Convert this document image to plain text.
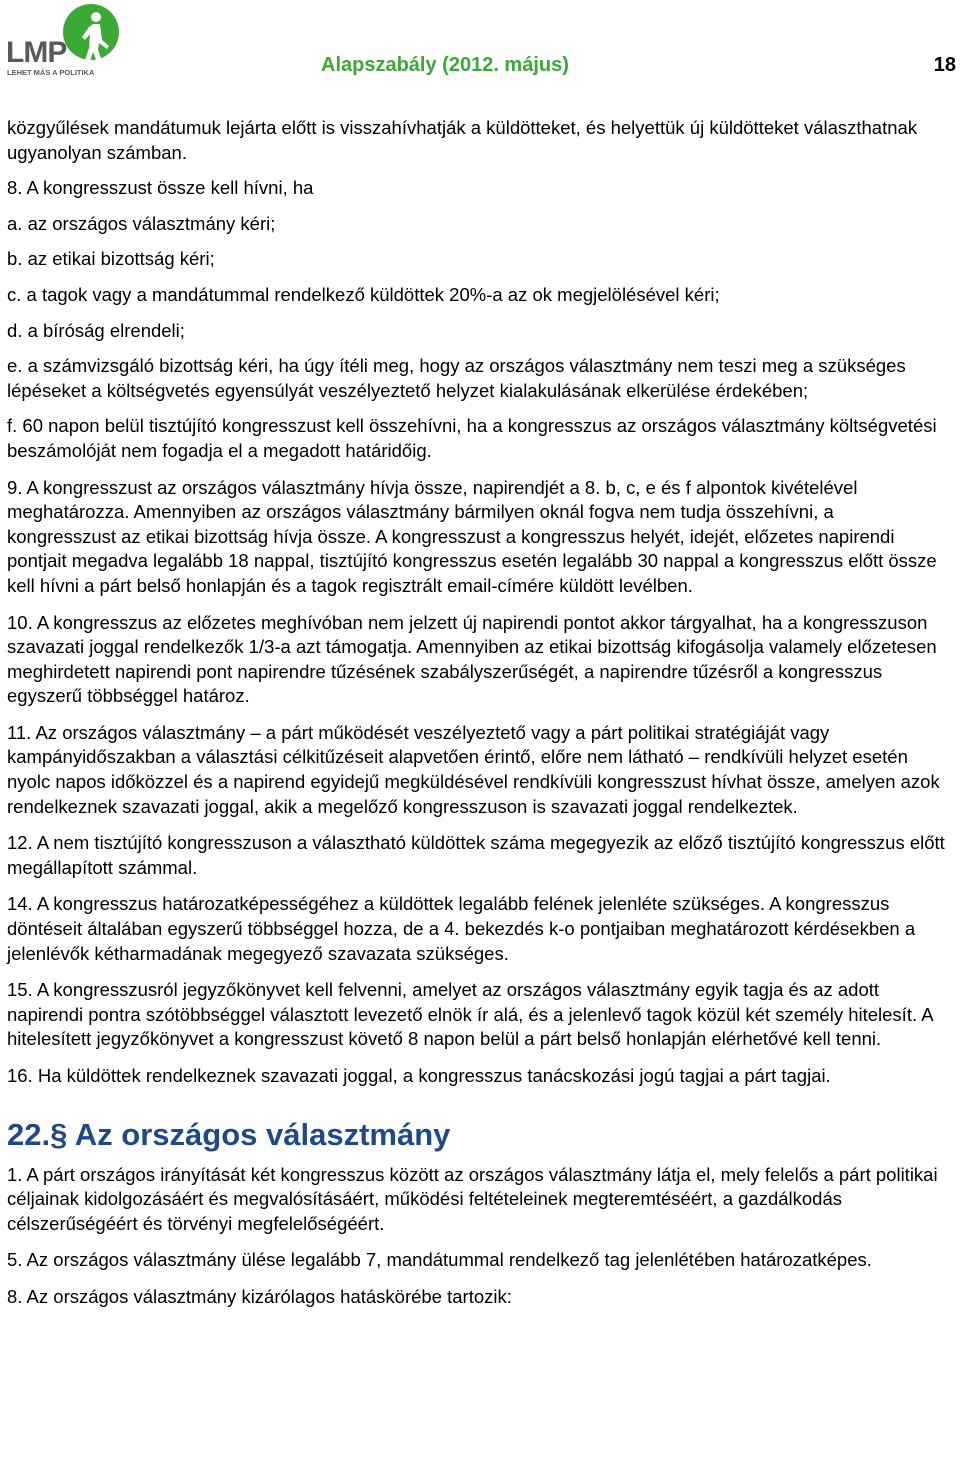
LMP
LEHET MÁS A POLITIKA	Alapszabály (2012. május)	18

közgyűlések mandátumuk lejárta előtt is visszahívhatják a küldötteket, és helyettük új küldötteket választhatnak ugyanolyan számban.

8. A kongresszust össze kell hívni, ha

a. az országos választmány kéri;

b. az etikai bizottság kéri;

c. a tagok vagy a mandátummal rendelkező küldöttek 20%-a az ok megjelölésével kéri;

d. a bíróság elrendeli;

e. a számvizsgáló bizottság kéri, ha úgy ítéli meg, hogy az országos választmány nem teszi meg a szükséges lépéseket a költségvetés egyensúlyát veszélyeztető helyzet kialakulásának elkerülése érdekében;

f. 60 napon belül tisztújító kongresszust kell összehívni, ha a kongresszus az országos választmány költségvetési beszámolóját nem fogadja el a megadott határidőig.

9. A kongresszust az országos választmány hívja össze, napirendjét a 8. b, c, e és f alpontok kivételével meghatározza. Amennyiben az országos választmány bármilyen oknál fogva nem tudja összehívni, a kongresszust az etikai bizottság hívja össze. A kongresszust a kongresszus helyét, idejét, előzetes napirendi pontjait megadva legalább 18 nappal, tisztújító kongresszus esetén legalább 30 nappal a kongresszus előtt össze kell hívni a párt belső honlapján és a tagok regisztrált email-címére küldött levélben.

10. A kongresszus az előzetes meghívóban nem jelzett új napirendi pontot akkor tárgyalhat, ha a kongresszuson szavazati joggal rendelkezők 1/3-a azt támogatja. Amennyiben az etikai bizottság kifogásolja valamely előzetesen meghirdetett napirendi pont napirendre tűzésének szabályszerűségét, a napirendre tűzésről a kongresszus egyszerű többséggel határoz.

11. Az országos választmány – a párt működését veszélyeztető vagy a párt politikai stratégiáját vagy kampányidőszakban a választási célkitűzéseit alapvetően érintő, előre nem látható – rendkívüli helyzet esetén nyolc napos időközzel és a napirend egyidejű megküldésével rendkívüli kongresszust hívhat össze, amelyen azok rendelkeznek szavazati joggal, akik a megelőző kongresszuson is szavazati joggal rendelkeztek.

12. A nem tisztújító kongresszuson a választható küldöttek száma megegyezik az előző tisztújító kongresszus előtt megállapított számmal.

14. A kongresszus határozatképességéhez a küldöttek legalább felének jelenléte szükséges. A kongresszus döntéseit általában egyszerű többséggel hozza, de a 4. bekezdés k-o pontjaiban meghatározott kérdésekben a jelenlévők kétharmadának megegyező szavazata szükséges.

15. A kongresszusról jegyzőkönyvet kell felvenni, amelyet az országos választmány egyik tagja és az adott napirendi pontra szótöbbséggel választott levezető elnök ír alá, és a jelenlevő tagok közül két személy hitelesít. A hitelesített jegyzőkönyvet a kongresszust követő 8 napon belül a párt belső honlapján elérhetővé kell tenni.

16. Ha küldöttek rendelkeznek szavazati joggal, a kongresszus tanácskozási jogú tagjai a párt tagjai.

22.§ Az országos választmány

1. A párt országos irányítását két kongresszus között az országos választmány látja el, mely felelős a párt politikai céljainak kidolgozásáért és megvalósításáért, működési feltételeinek megteremtéséért, a gazdálkodás célszerűségéért és törvényi megfelelőségéért.

5. Az országos választmány ülése legalább 7, mandátummal rendelkező tag jelenlétében határozatképes.

8. Az országos választmány kizárólagos hatáskörébe tartozik:
